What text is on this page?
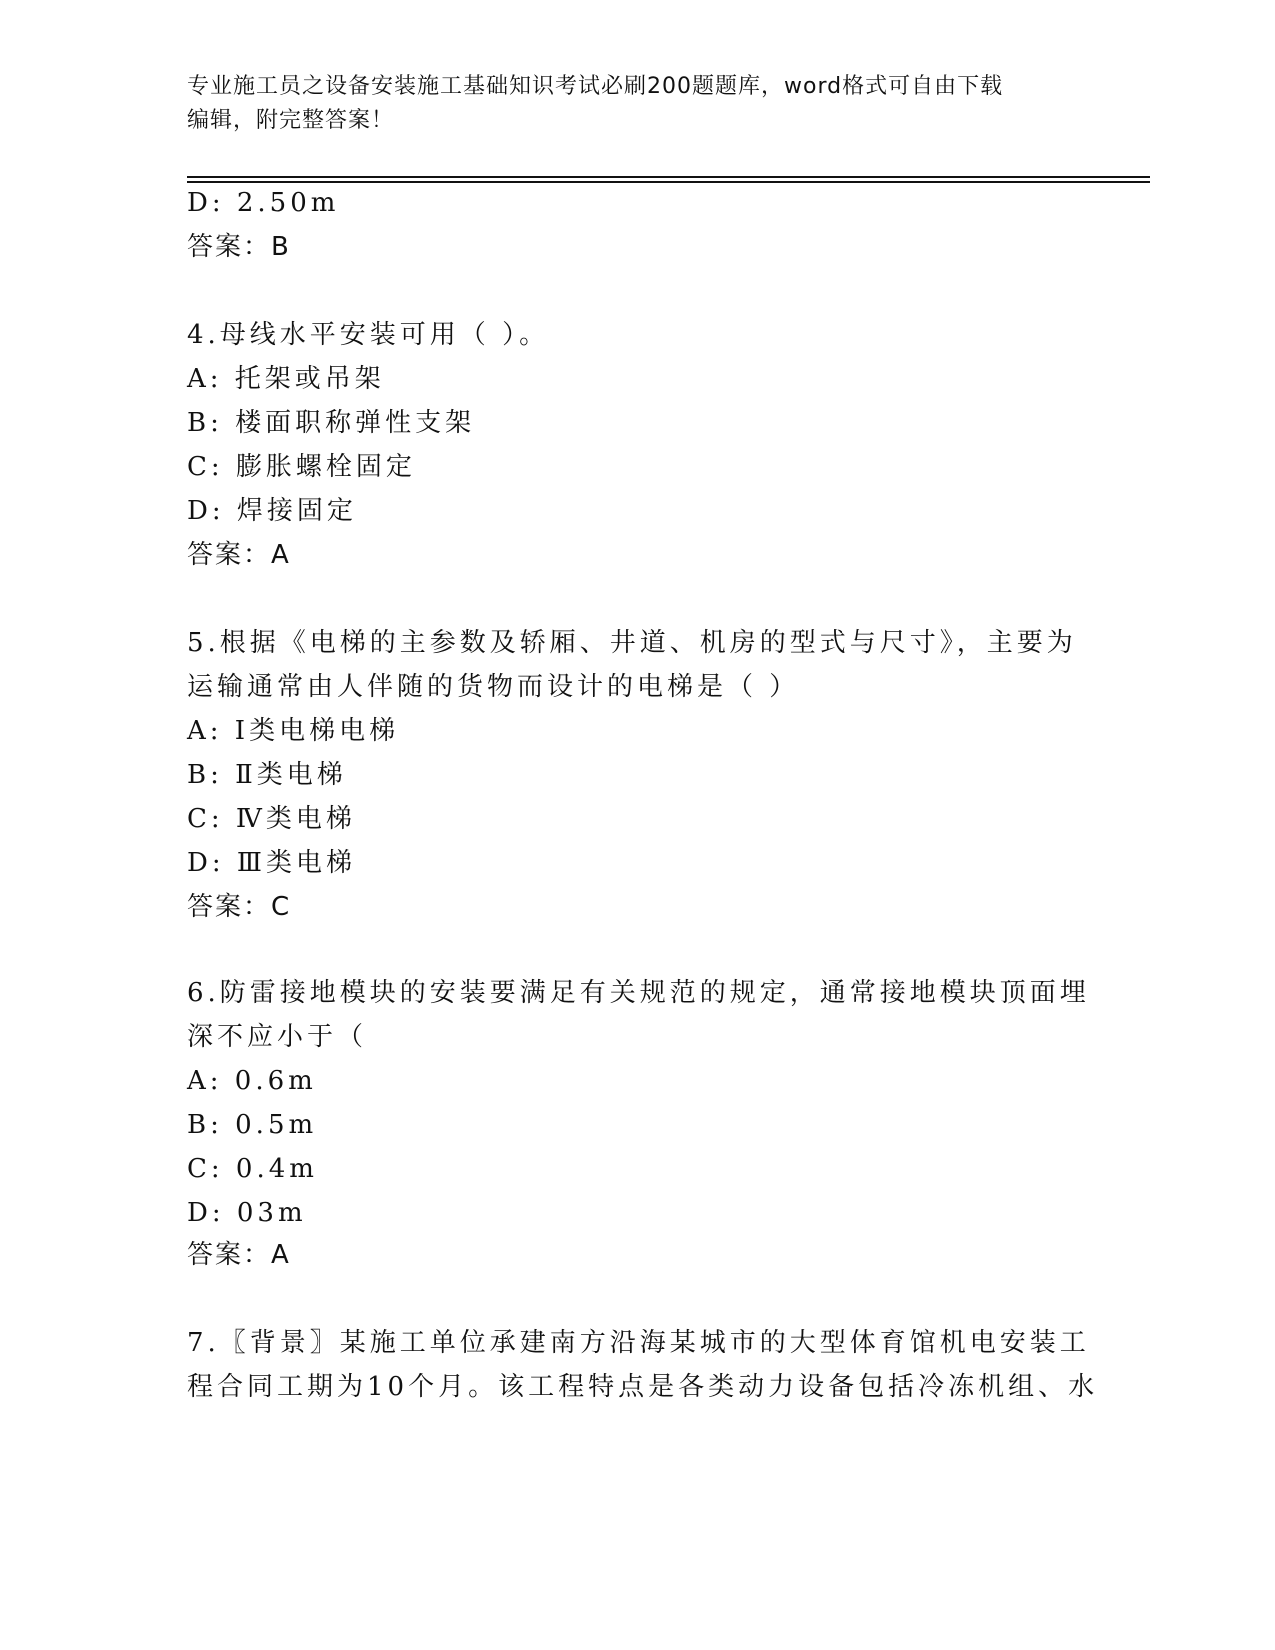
专业施工员之设备安装施工基础知识考试必刷200题题库，word格式可自由下载
编辑，附完整答案！
D: 2.50m
答案：B
4.母线水平安装可用（ ）。
A: 托架或吊架
B: 楼面职称弹性支架
C: 膨胀螺栓固定
D: 焊接固定
答案：A
5.根据《电梯的主参数及轿厢、井道、机房的型式与尺寸》，主要为
运输通常由人伴随的货物而设计的电梯是（ ）
A: Ⅰ类电梯电梯
B: Ⅱ类电梯
C: Ⅳ类电梯
D: Ⅲ类电梯
答案：C
6.防雷接地模块的安装要满足有关规范的规定，通常接地模块顶面埋
深不应小于（
A: 0.6m
B: 0.5m
C: 0.4m
D: 03m
答案：A
7.〖背景〗某施工单位承建南方沿海某城市的大型体育馆机电安装工
程合同工期为10个月。该工程特点是各类动力设备包括冷冻机组、水
